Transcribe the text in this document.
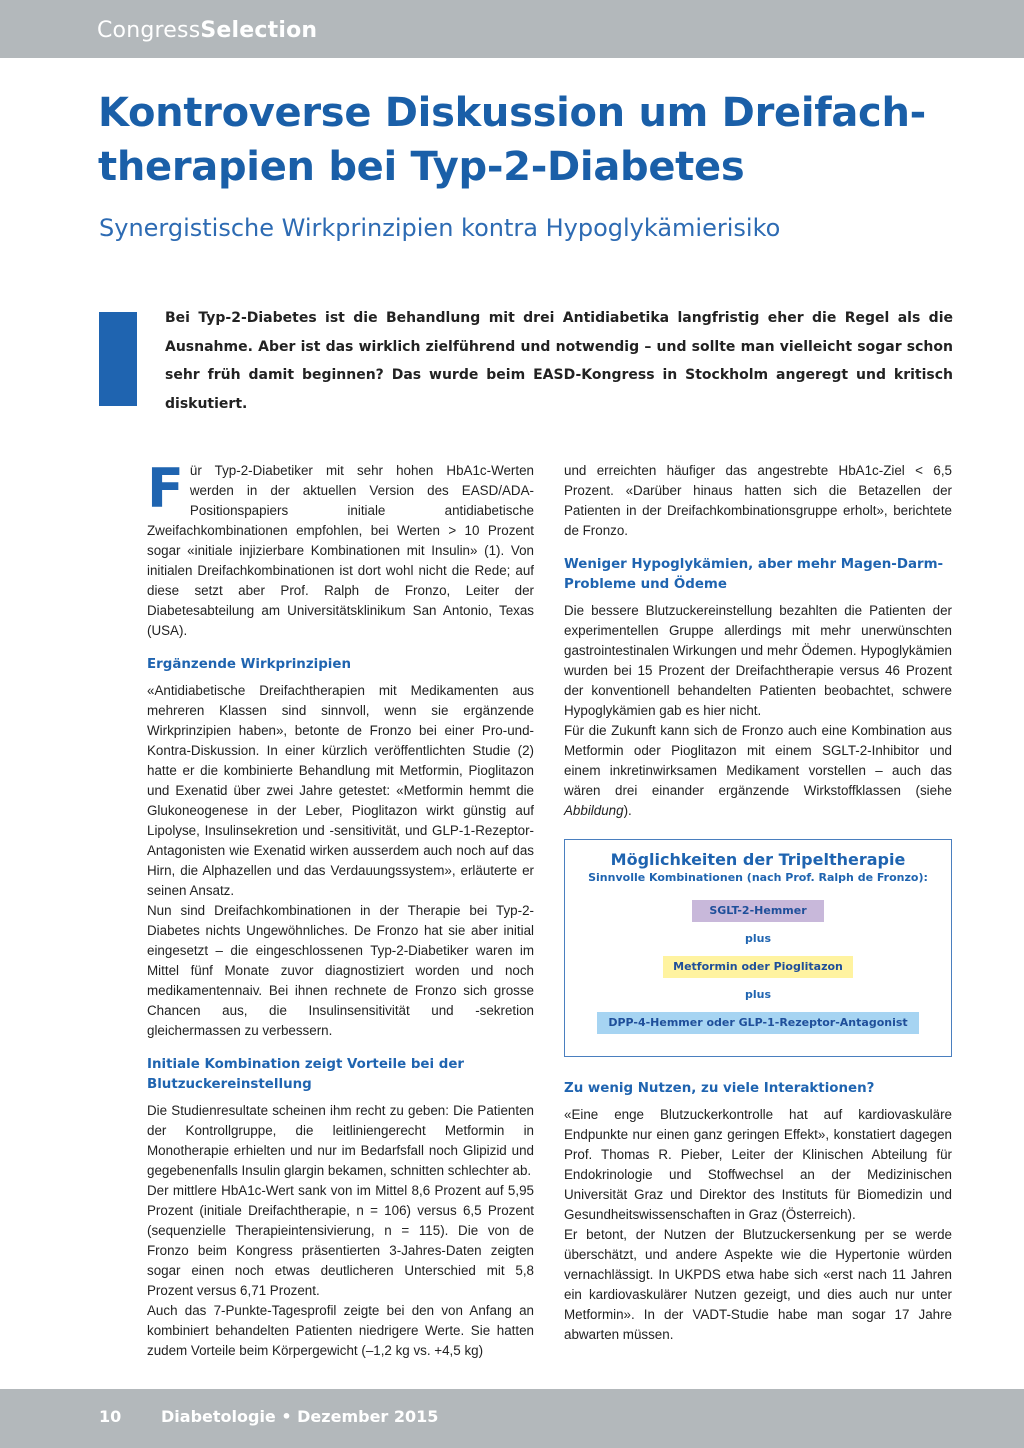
CongressSelection
Kontroverse Diskussion um Dreifach-therapien bei Typ-2-Diabetes
Synergistische Wirkprinzipien kontra Hypoglykämierisiko
Bei Typ-2-Diabetes ist die Behandlung mit drei Antidiabetika langfristig eher die Regel als die Ausnahme. Aber ist das wirklich zielführend und notwendig – und sollte man vielleicht sogar schon sehr früh damit beginnen? Das wurde beim EASD-Kongress in Stockholm angeregt und kritisch diskutiert.

Für Typ-2-Diabetiker mit sehr hohen HbA1c-Werten werden in der aktuellen Version des EASD/ADA-Positionspapiers initiale antidiabetische Zweifachkombinationen empfohlen, bei Werten > 10 Prozent sogar «initiale injizierbare Kombinationen mit Insulin» (1). Von initialen Dreifachkombinationen ist dort wohl nicht die Rede; auf diese setzt aber Prof. Ralph de Fronzo, Leiter der Diabetesabteilung am Universitätsklinikum San Antonio, Texas (USA).

Ergänzende Wirkprinzipien

«Antidiabetische Dreifachtherapien mit Medikamenten aus mehreren Klassen sind sinnvoll, wenn sie ergänzende Wirkprinzipien haben», betonte de Fronzo bei einer Pro-und-Kontra-Diskussion. In einer kürzlich veröffentlichten Studie (2) hatte er die kombinierte Behandlung mit Metformin, Pioglitazon und Exenatid über zwei Jahre getestet: «Metformin hemmt die Glukoneogenese in der Leber, Pioglitazon wirkt günstig auf Lipolyse, Insulinsekretion und -sensitivität, und GLP-1-Rezeptor-Antagonisten wie Exenatid wirken ausserdem auch noch auf das Hirn, die Alphazellen und das Verdauungssystem», erläuterte er seinen Ansatz.

Nun sind Dreifachkombinationen in der Therapie bei Typ-2-Diabetes nichts Ungewöhnliches. De Fronzo hat sie aber initial eingesetzt – die eingeschlossenen Typ-2-Diabetiker waren im Mittel fünf Monate zuvor diagnostiziert worden und noch medikamentennaiv. Bei ihnen rechnete de Fronzo sich grosse Chancen aus, die Insulinsensitivität und -sekretion gleichermassen zu verbessern.

Initiale Kombination zeigt Vorteile bei der Blutzuckereinstellung

Die Studienresultate scheinen ihm recht zu geben: Die Patienten der Kontrollgruppe, die leitliniengerecht Metformin in Monotherapie erhielten und nur im Bedarfsfall noch Glipizid und gegebenenfalls Insulin glargin bekamen, schnitten schlechter ab.

Der mittlere HbA1c-Wert sank von im Mittel 8,6 Prozent auf 5,95 Prozent (initiale Dreifachtherapie, n = 106) versus 6,5 Prozent (sequenzielle Therapieintensivierung, n = 115). Die von de Fronzo beim Kongress präsentierten 3-Jahres-Daten zeigten sogar einen noch etwas deutlicheren Unterschied mit 5,8 Prozent versus 6,71 Prozent.

Auch das 7-Punkte-Tagesprofil zeigte bei den von Anfang an kombiniert behandelten Patienten niedrigere Werte. Sie hatten zudem Vorteile beim Körpergewicht (–1,2 kg vs. +4,5 kg)

und erreichten häufiger das angestrebte HbA1c-Ziel < 6,5 Prozent. «Darüber hinaus hatten sich die Betazellen der Patienten in der Dreifachkombinationsgruppe erholt», berichtete de Fronzo.

Weniger Hypoglykämien, aber mehr Magen-Darm-Probleme und Ödeme

Die bessere Blutzuckereinstellung bezahlten die Patienten der experimentellen Gruppe allerdings mit mehr unerwünschten gastrointestinalen Wirkungen und mehr Ödemen. Hypoglykämien wurden bei 15 Prozent der Dreifachtherapie versus 46 Prozent der konventionell behandelten Patienten beobachtet, schwere Hypoglykämien gab es hier nicht.

Für die Zukunft kann sich de Fronzo auch eine Kombination aus Metformin oder Pioglitazon mit einem SGLT-2-Inhibitor und einem inkretinwirksamen Medikament vorstellen – auch das wären drei einander ergänzende Wirkstoffklassen (siehe Abbildung).

Möglichkeiten der Tripeltherapie
Sinnvolle Kombinationen (nach Prof. Ralph de Fronzo):
SGLT-2-Hemmer
plus
Metformin oder Pioglitazon
plus
DPP-4-Hemmer oder GLP-1-Rezeptor-Antagonist
Zu wenig Nutzen, zu viele Interaktionen?

«Eine enge Blutzuckerkontrolle hat auf kardiovaskuläre Endpunkte nur einen ganz geringen Effekt», konstatiert dagegen Prof. Thomas R. Pieber, Leiter der Klinischen Abteilung für Endokrinologie und Stoffwechsel an der Medizinischen Universität Graz und Direktor des Instituts für Biomedizin und Gesundheitswissenschaften in Graz (Österreich).

Er betont, der Nutzen der Blutzuckersenkung per se werde überschätzt, und andere Aspekte wie die Hypertonie würden vernachlässigt. In UKPDS etwa habe sich «erst nach 11 Jahren ein kardiovaskulärer Nutzen gezeigt, und dies auch nur unter Metformin». In der VADT-Studie habe man sogar 17 Jahre abwarten müssen.

10 Diabetologie • Dezember 2015
